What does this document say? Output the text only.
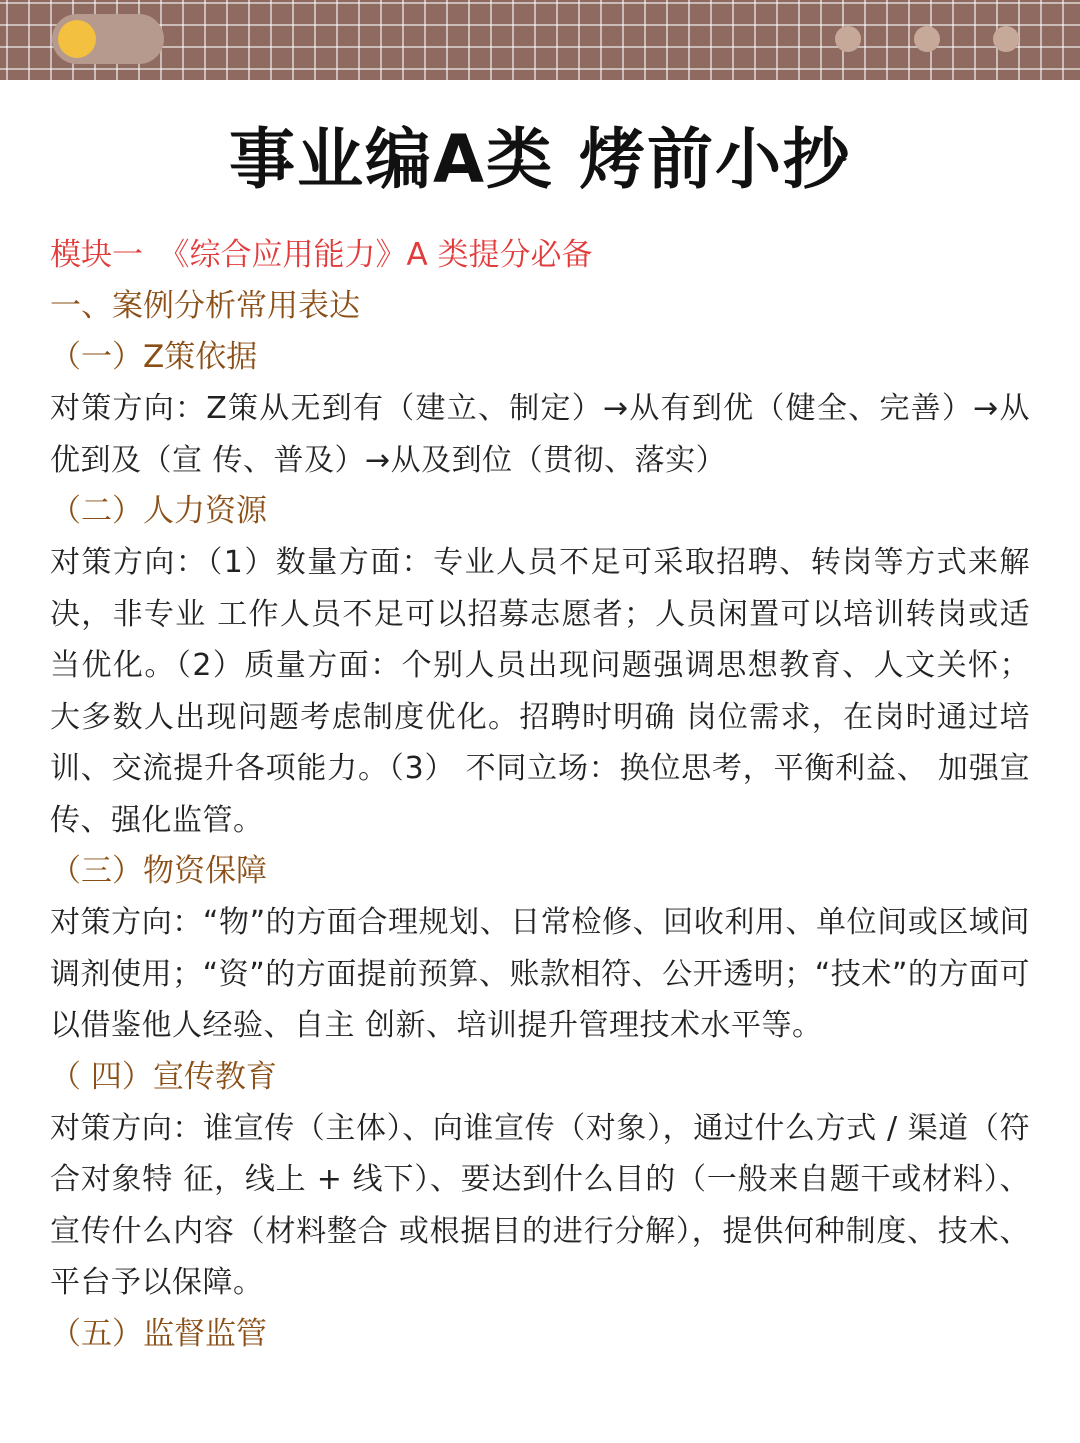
事业编A类 烤前小抄
模块一　《综合应用能力》A 类提分必备
一、案例分析常用表达
（一）Z策依据

对策方向：Z策从无到有（建立、制定）→从有到优（健全、完善）→从优到及（宣 传、普及）→从及到位（贯彻、落实）

（二）人力资源

对策方向：（1）数量方面：专业人员不足可采取招聘、转岗等方式来解决，非专业 工作人员不足可以招募志愿者；人员闲置可以培训转岗或适当优化。（2）质量方面：个别人员出现问题强调思想教育、人文关怀；大多数人出现问题考虑制度优化。招聘时明确 岗位需求，在岗时通过培训、交流提升各项能力。（3） 不同立场：换位思考，平衡利益、 加强宣传、强化监管。

（三）物资保障

对策方向：“物”的方面合理规划、日常检修、回收利用、单位间或区域间调剂使用；“资”的方面提前预算、账款相符、公开透明；“技术”的方面可以借鉴他人经验、自主 创新、培训提升管理技术水平等。

（ 四）宣传教育

对策方向：谁宣传（主体）、向谁宣传（对象），通过什么方式 / 渠道（符合对象特 征，线上 + 线下）、要达到什么目的（一般来自题干或材料）、宣传什么内容（材料整合 或根据目的进行分解），提供何种制度、技术、平台予以保障。

（五）监督监管
